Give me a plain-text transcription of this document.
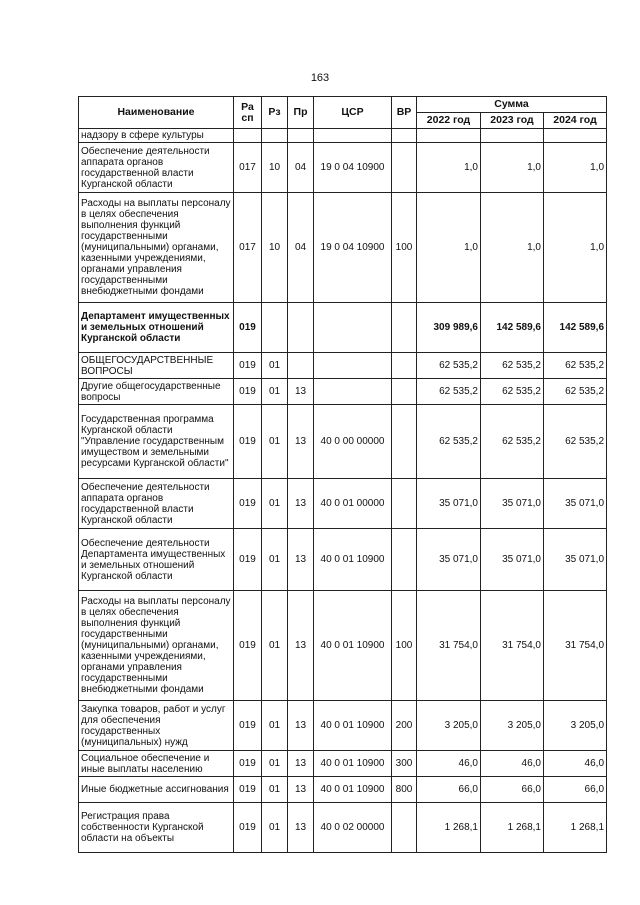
163
Наименование	Ра сп	Рз	Пр	ЦСР	ВР	Сумма		
						2022 год	2023 год	2024 год
надзору в сфере культуры								
Обеспечение деятельности аппарата органов государственной власти Курганской области	017	10	04	19 0 04 10900		1,0	1,0	1,0
Расходы на выплаты персоналу в целях обеспечения выполнения функций государственными (муниципальными) органами, казенными учреждениями, органами управления государственными внебюджетными фондами	017	10	04	19 0 04 10900	100	1,0	1,0	1,0
Департамент имущественных и земельных отношений Курганской области	019					309 989,6	142 589,6	142 589,6
ОБЩЕГОСУДАРСТВЕННЫЕ ВОПРОСЫ	019	01				62 535,2	62 535,2	62 535,2
Другие общегосударственные вопросы	019	01	13			62 535,2	62 535,2	62 535,2
Государственная программа Курганской области "Управление государственным имуществом и земельными ресурсами Курганской области"	019	01	13	40 0 00 00000		62 535,2	62 535,2	62 535,2
Обеспечение деятельности аппарата органов государственной власти Курганской области	019	01	13	40 0 01 00000		35 071,0	35 071,0	35 071,0
Обеспечение деятельности Департамента имущественных и земельных отношений Курганской области	019	01	13	40 0 01 10900		35 071,0	35 071,0	35 071,0
Расходы на выплаты персоналу в целях обеспечения выполнения функций государственными (муниципальными) органами, казенными учреждениями, органами управления государственными внебюджетными фондами	019	01	13	40 0 01 10900	100	31 754,0	31 754,0	31 754,0
Закупка товаров, работ и услуг для обеспечения государственных (муниципальных) нужд	019	01	13	40 0 01 10900	200	3 205,0	3 205,0	3 205,0
Социальное обеспечение и иные выплаты населению	019	01	13	40 0 01 10900	300	46,0	46,0	46,0
Иные бюджетные ассигнования	019	01	13	40 0 01 10900	800	66,0	66,0	66,0
Регистрация права собственности Курганской области на объекты	019	01	13	40 0 02 00000		1 268,1	1 268,1	1 268,1
